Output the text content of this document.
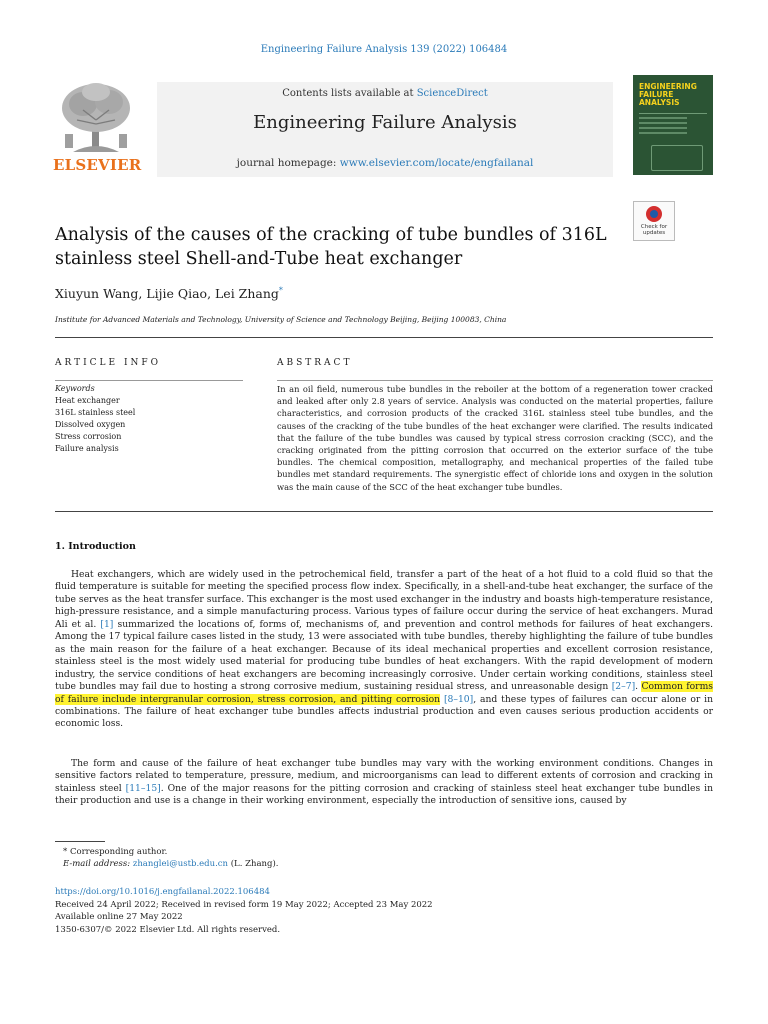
Engineering Failure Analysis 139 (2022) 106484
ELSEVIER
Contents lists available at ScienceDirect
Engineering Failure Analysis
journal homepage: www.elsevier.com/locate/engfailanal
ENGINEERING FAILURE ANALYSIS
Check for updates
Analysis of the causes of the cracking of tube bundles of 316L stainless steel Shell-and-Tube heat exchanger
Xiuyun Wang, Lijie Qiao, Lei Zhang*
Institute for Advanced Materials and Technology, University of Science and Technology Beijing, Beijing 100083, China
ARTICLE INFO	ABSTRACT
Keywords
Heat exchanger
316L stainless steel
Dissolved oxygen
Stress corrosion
Failure analysis
In an oil field, numerous tube bundles in the reboiler at the bottom of a regeneration tower cracked and leaked after only 2.8 years of service. Analysis was conducted on the material properties, failure characteristics, and corrosion products of the cracked 316L stainless steel tube bundles, and the causes of the cracking of the tube bundles of the heat exchanger were clarified. The results indicated that the failure of the tube bundles was caused by typical stress corrosion cracking (SCC), and the cracking originated from the pitting corrosion that occurred on the exterior surface of the tube bundles. The chemical composition, metallography, and mechanical properties of the failed tube bundles met standard requirements. The synergistic effect of chloride ions and oxygen in the solution was the main cause of the SCC of the heat exchanger tube bundles.
1. Introduction
Heat exchangers, which are widely used in the petrochemical field, transfer a part of the heat of a hot fluid to a cold fluid so that the fluid temperature is suitable for meeting the specified process flow index. Specifically, in a shell-and-tube heat exchanger, the surface of the tube serves as the heat transfer surface. This exchanger is the most used exchanger in the industry and boasts high-temperature resistance, high-pressure resistance, and a simple manufacturing process. Various types of failure occur during the service of heat exchangers. Murad Ali et al. [1] summarized the locations of, forms of, mechanisms of, and prevention and control methods for failures of heat exchangers. Among the 17 typical failure cases listed in the study, 13 were associated with tube bundles, thereby highlighting the failure of tube bundles as the main reason for the failure of a heat exchanger. Because of its ideal mechanical properties and excellent corrosion resistance, stainless steel is the most widely used material for producing tube bundles of heat exchangers. With the rapid development of modern industry, the service conditions of heat exchangers are becoming increasingly corrosive. Under certain working conditions, stainless steel tube bundles may fail due to hosting a strong corrosive medium, sustaining residual stress, and unreasonable design [2–7]. Common forms of failure include intergranular corrosion, stress corrosion, and pitting corrosion [8–10], and these types of failures can occur alone or in combinations. The failure of heat exchanger tube bundles affects industrial production and even causes serious production accidents or economic loss.
The form and cause of the failure of heat exchanger tube bundles may vary with the working environment conditions. Changes in sensitive factors related to temperature, pressure, medium, and microorganisms can lead to different extents of corrosion and cracking in stainless steel [11–15]. One of the major reasons for the pitting corrosion and cracking of stainless steel heat exchanger tube bundles in their production and use is a change in their working environment, especially the introduction of sensitive ions, caused by
* Corresponding author.
E-mail address: zhanglei@ustb.edu.cn (L. Zhang).
https://doi.org/10.1016/j.engfailanal.2022.106484
Received 24 April 2022; Received in revised form 19 May 2022; Accepted 23 May 2022
Available online 27 May 2022
1350-6307/© 2022 Elsevier Ltd. All rights reserved.
